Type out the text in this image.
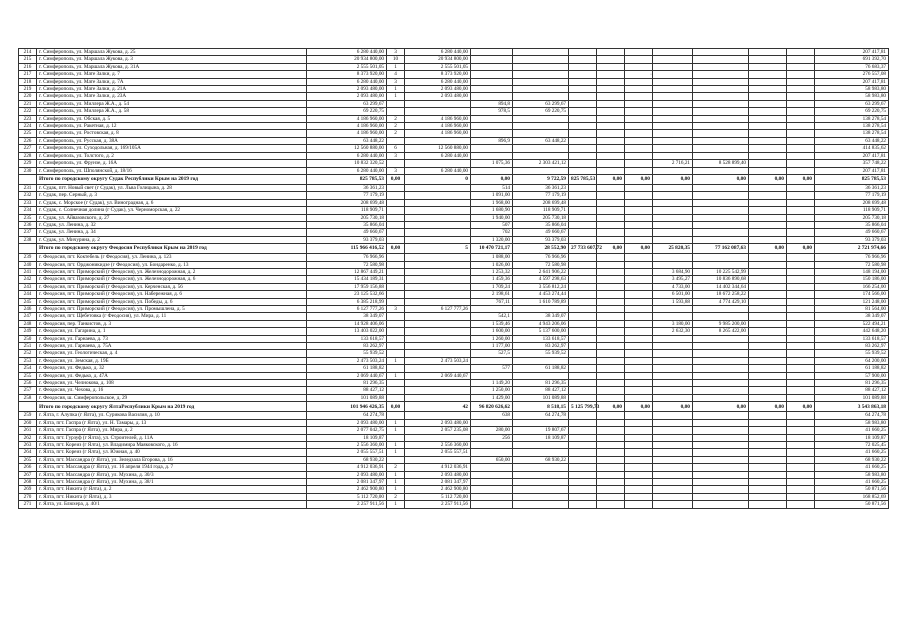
214	г. Симферополь, ул. Маршала Жукова, д. 25	6 280 440,00	3	6 280 440,00										207 417,81
215	г. Симферополь, ул. Маршала Жукова, д. 3	20 934 800,00	10	20 934 800,00										691 392,70
216	г. Симферополь, ул. Маршала Жукова, д. 31А	2 555 501,05	1	2 555 501,05										76 683,37
217	г. Симферополь, ул. Мате Залки, д. 7	8 373 920,00	4	8 373 920,00										276 557,08
218	г. Симферополь, ул. Мате Залки, д. 7А	6 280 440,00	3	6 280 440,00										207 417,81
219	г. Симферополь, ул. Мате Залки, д. 21А	2 093 480,00	1	2 093 480,00										58 983,80
220	г. Симферополь, ул. Мате Залки, д. 23А	2 093 480,00	1	2 093 480,00										58 983,80
221	г. Симферополь, ул. Миллера Ж.А., д. 54	63 299,67			894,8	63 299,67								63 299,67
222	г. Симферополь, ул. Миллера Ж.А., д. 58	69 220,75			978,5	69 220,75								69 220,75
223	г. Симферополь, ул. Обская, д. 5	4 186 960,00	2	4 186 960,00										138 278,54
224	г. Симферополь, ул. Ракетная, д. 12	4 186 960,00	2	4 186 960,00										138 278,54
225	г. Симферополь, ул. Ростовская, д. 8	4 186 960,00	2	4 186 960,00										138 278,54
226	г. Симферополь, ул. Русская, д. 38А	63 448,22			896,9	63 448,22								63 448,22
227	г. Симферополь, ул. Суходольная, д. 169/105А	12 560 880,00	6	12 560 880,00										414 835,62
228	г. Симферополь, ул. Толстого, д. 2	6 280 440,00	3	6 280 440,00										207 417,81
229	г. Симферополь, ул. Фрунзе, д. 16А	10 832 320,52			1 075,36	2 303 421,12				2 716,21	8 528 899,40			357 748,22
230	г. Симферополь, ул. Шполянской, д. 18/16	6 280 440,00	3	6 280 440,00										207 417,81
	Итого по городскому округу Судак Республики Крым на 2019 год	825 785,53	0,00	0	0,00	9 722,59	825 785,53	0,00	0,00	0,00	0,00	0,00	0,00	825 785,53
231	г. Судак, пгт. Новый свет (г Судак), ул. Льва Голицына, д. 28	36 361,23			514	36 361,23								36 361,23
232	г. Судак, пер. Серный, д. 3	77 179,19			1 091,00	77 179,19								77 179,19
233	г. Судак, с. Морское (г Судак), ул. Виноградная, д. 6	208 699,48			1 968,00	208 699,48								208 699,48
234	г. Судак, с. Солнечная долина (г Судак), ул. Черноморская, д. 22	118 909,71			1 680,90	118 909,71								118 909,71
235	г. Судак, ул. Айвазовского, д. 27	205 730,18			1 940,00	205 730,18								205 730,18
236	г. Судак, ул. Ленина, д. 32	35 866,04			507	35 866,04								35 866,04
237	г. Судак, ул. Ленина, д. 34	49 660,67			702	49 660,67								49 660,67
238	г. Судак, ул. Мичурина, д. 2	93 379,03			1 320,00	93 379,03								93 379,03
	Итого по городскому округу Феодосия Республики Крым на 2019 год	115 966 416,52	0,00	5	10 470 721,17	28 552,90	27 733 607,72	0,00	0,00	25 820,35	77 162 087,63	0,00	0,00	2 721 974,66
239	г. Феодосия, пгт. Коктебель (г Феодосия), ул. Ленина, д. 123	76 966,96			1 088,00	76 966,96								76 966,96
240	г. Феодосия, пгт. Орджоникидзе (г Феодосия), ул. Бондаренко, д. 13	72 580,98			1 026,00	72 580,98								72 580,98
241	г. Феодосия, пгт. Приморский (г Феодосия), ул. Железнодорожная, д. 2	12 867 449,21			1 253,32	2 641 906,22				3 684,90	10 225 542,99			148 194,00
242	г. Феодосия, пгт. Приморский (г Феодосия), ул. Железнодорожная, д. 6	15 434 189,31			1 459,36	4 597 298,63				3 495,27	10 836 890,68			150 186,00
243	г. Феодосия, пгт. Приморский (г Феодосия), ул. Керченская, д. 56	17 959 156,88			1 709,24	3 556 812,24				4 733,00	14 402 344,64			166 254,00
244	г. Феодосия, пгт. Приморский (г Феодосия), ул. Набережная, д. 6	23 125 532,66			2 198,61	4 453 274,44				6 501,00	18 672 258,22			174 566,00
245	г. Феодосия, пгт. Приморский (г Феодосия), ул. Победы, д. 6	6 385 218,99			767,11	1 610 789,89				1 593,88	4 774 429,10			121 248,00
246	г. Феодосия, пгт. Приморский (г Феодосия), ул. Промышлена, д. 5	6 127 777,26	3	6 127 777,26										81 564,00
247	г. Феодосия, пгт. Щебетовка (г Феодосия), ул. Мира, д. 11	38 349,07			542,1	38 349,07								38 349,07
248	г. Феодосия, пер. Танкистов, д. 3	14 928 406,06			1 539,46	4 943 206,06				3 180,00	9 985 200,00			522 494,21
249	г. Феодосия, ул. Гагарина, д. 1	13 403 022,00			1 600,00	5 137 600,00				2 632,30	8 265 422,00			442 648,20
250	г. Феодосия, ул. Гарнаева, д. 73	133 618,57			1 260,00	133 618,57								133 618,57
251	г. Феодосия, ул. Гарнаева, д. 75А	83 262,97			1 177,00	83 262,97								83 262,97
252	г. Феодосия, ул. Геологическая, д. 4	55 939,52			527,5	55 939,52								55 939,52
253	г. Феодосия, ул. Земская, д. 19Б	2 473 503,24	1	2 473 503,24										64 200,00
254	г. Феодосия, ул. Федько, д. 32	61 188,82			577	61 188,82								61 188,82
255	г. Феодосия, ул. Федько, д. 47А	2 069 440,67	1	2 069 440,67										57 900,00
256	г. Феодосия, ул. Челнокова, д. 108	81 296,35			1 149,20	81 296,35								81 296,35
257	г. Феодосия, ул. Чехова, д. 16	88 427,12			1 250,00	88 427,12								88 427,12
258	г. Феодосия, ш. Симферопольское, д. 29	101 089,88			1 429,00	101 089,88								101 089,88
	Итого по городскому округу ЯлтаРеспублики Крым на 2019 год	101 946 426,35	0,00	42	96 820 626,62	8 518,15	5 125 799,73	0,00	0,00	0,00	0,00	0,00	0,00	3 543 863,18
259	г. Ялта, г. Алупка (г Ялта), ул. Сурикова Василия, д. 10	64 274,78			638	64 274,78								64 274,78
260	г. Ялта, пгт. Гаспра (г Ялта), ул. Н. Тамары, д. 13	2 093 480,00	1	2 093 480,00										58 983,80
261	г. Ялта, пгт. Гаспра (г Ялта), ул. Мира, д. 2	2 077 042,75	1	2 057 235,08	280,00	19 807,67								41 660,25
262	г. Ялта, пгт. Гурзуф (г Ялта), ул. Строителей, д. 11А	18 109,87			256	18 109,87								18 109,87
263	г. Ялта, пгт. Кореиз (г Ялта), ул. Владимира Маяковского, д. 16	2 556 360,00	1	2 556 360,00										72 025,45
264	г. Ялта, пгт. Кореиз (г Ялта), ул. Южная, д. 40	2 055 557,51	1	2 055 557,51										41 660,25
265	г. Ялта, пгт. Массандра (г Ялта), ул. Зеледзала Егорова, д. 16	68 930,22			650,00	68 930,22								68 930,22
266	г. Ялта, пгт. Массандра (г Ялта), ул. 16 апреля 1944 года, д. 7	4 912 036,91	2	4 912 036,91										41 660,25
267	г. Ялта, пгт. Массандра (г Ялта), ул. Мухина, д. 30/3	2 093 480,00	1	2 093 480,00										58 983,80
268	г. Ялта, пгт. Массандра (г Ялта), ул. Мухина, д. 38/1	2 081 347,97	1	2 081 347,97										41 660,25
269	г. Ялта, пгт. Никита (г Ялта), д. 2	2 462 900,80	1	2 462 900,80										50 871,56
270	г. Ялта, пгт. Никита (г Ялта), д. 3	5 112 720,00	2	5 112 720,00										168 852,69
271	г. Ялта, ул. Блюхера, д. 40/1	2 257 911,56	1	2 257 911,56										50 871,56
·
